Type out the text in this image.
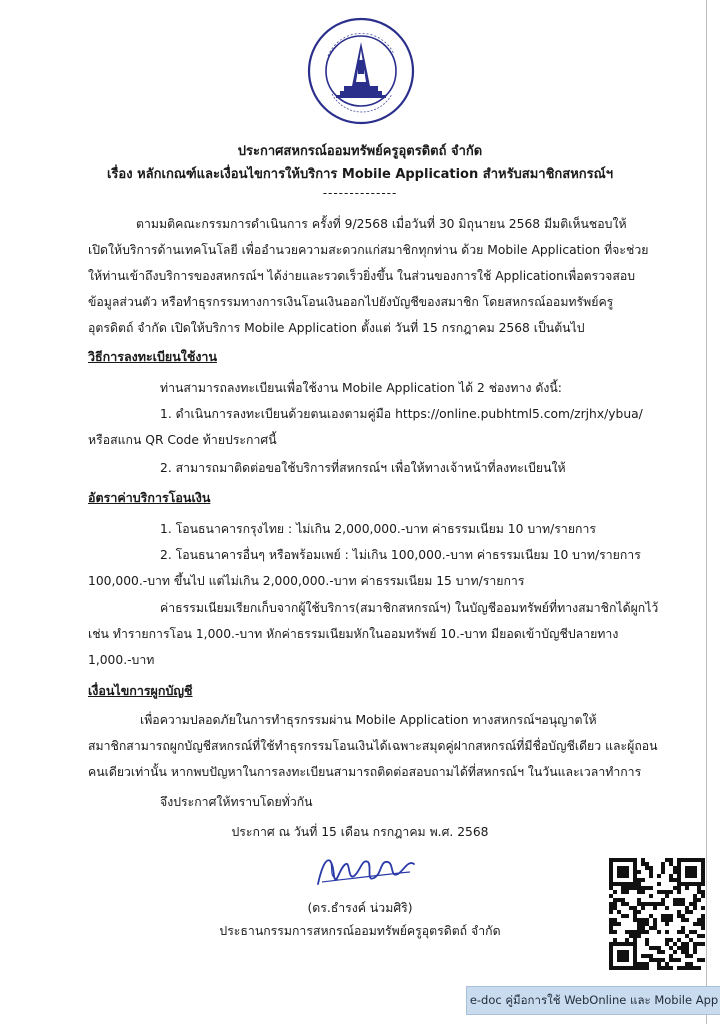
ประกาศสหกรณ์ออมทรัพย์ครูอุตรดิตถ์ จำกัด
เรื่อง หลักเกณฑ์และเงื่อนไขการให้บริการ Mobile Application สำหรับสมาชิกสหกรณ์ฯ
--------------
ตามมติคณะกรรมการดำเนินการ ครั้งที่ 9/2568 เมื่อวันที่ 30 มิถุนายน 2568 มีมติเห็นชอบให้
เปิดให้บริการด้านเทคโนโลยี เพื่ออำนวยความสะดวกแก่สมาชิกทุกท่าน ด้วย Mobile Application ที่จะช่วย
ให้ท่านเข้าถึงบริการของสหกรณ์ฯ ได้ง่ายและรวดเร็วยิ่งขึ้น ในส่วนของการใช้ Applicationเพื่อตรวจสอบ
ข้อมูลส่วนตัว หรือทำธุรกรรมทางการเงินโอนเงินออกไปยังบัญชีของสมาชิก โดยสหกรณ์ออมทรัพย์ครู
อุตรดิตถ์ จำกัด เปิดให้บริการ Mobile Application ตั้งแต่ วันที่ 15 กรกฎาคม 2568 เป็นต้นไป
วิธีการลงทะเบียนใช้งาน
ท่านสามารถลงทะเบียนเพื่อใช้งาน Mobile Application ได้ 2 ช่องทาง ดังนี้:
1. ดำเนินการลงทะเบียนด้วยตนเองตามคู่มือ https://online.pubhtml5.com/zrjhx/ybua/
หรือสแกน QR Code ท้ายประกาศนี้
2. สามารถมาติดต่อขอใช้บริการที่สหกรณ์ฯ เพื่อให้ทางเจ้าหน้าที่ลงทะเบียนให้
อัตราค่าบริการโอนเงิน
1. โอนธนาคารกรุงไทย : ไม่เกิน 2,000,000.-บาท ค่าธรรมเนียม 10 บาท/รายการ
2. โอนธนาคารอื่นๆ หรือพร้อมเพย์ : ไม่เกิน 100,000.-บาท ค่าธรรมเนียม 10 บาท/รายการ
100,000.-บาท ขึ้นไป แต่ไม่เกิน 2,000,000.-บาท ค่าธรรมเนียม 15 บาท/รายการ
ค่าธรรมเนียมเรียกเก็บจากผู้ใช้บริการ(สมาชิกสหกรณ์ฯ) ในบัญชีออมทรัพย์ที่ทางสมาชิกได้ผูกไว้
เช่น ทำรายการโอน 1,000.-บาท หักค่าธรรมเนียมหักในออมทรัพย์ 10.-บาท มียอดเข้าบัญชีปลายทาง
1,000.-บาท
เงื่อนไขการผูกบัญชี
เพื่อความปลอดภัยในการทำธุรกรรมผ่าน Mobile Application ทางสหกรณ์ฯอนุญาตให้
สมาชิกสามารถผูกบัญชีสหกรณ์ที่ใช้ทำธุรกรรมโอนเงินได้เฉพาะสมุดคู่ฝากสหกรณ์ที่มีชื่อบัญชีเดียว และผู้ถอน
คนเดียวเท่านั้น หากพบปัญหาในการลงทะเบียนสามารถติดต่อสอบถามได้ที่สหกรณ์ฯ ในวันและเวลาทำการ
จึงประกาศให้ทราบโดยทั่วกัน
ประกาศ ณ วันที่ 15 เดือน กรกฎาคม พ.ศ. 2568
(ดร.ธำรงค์ น่วมศิริ)
ประธานกรรมการสหกรณ์ออมทรัพย์ครูอุตรดิตถ์ จำกัด
e-doc คู่มือการใช้ WebOnline และ Mobile App
